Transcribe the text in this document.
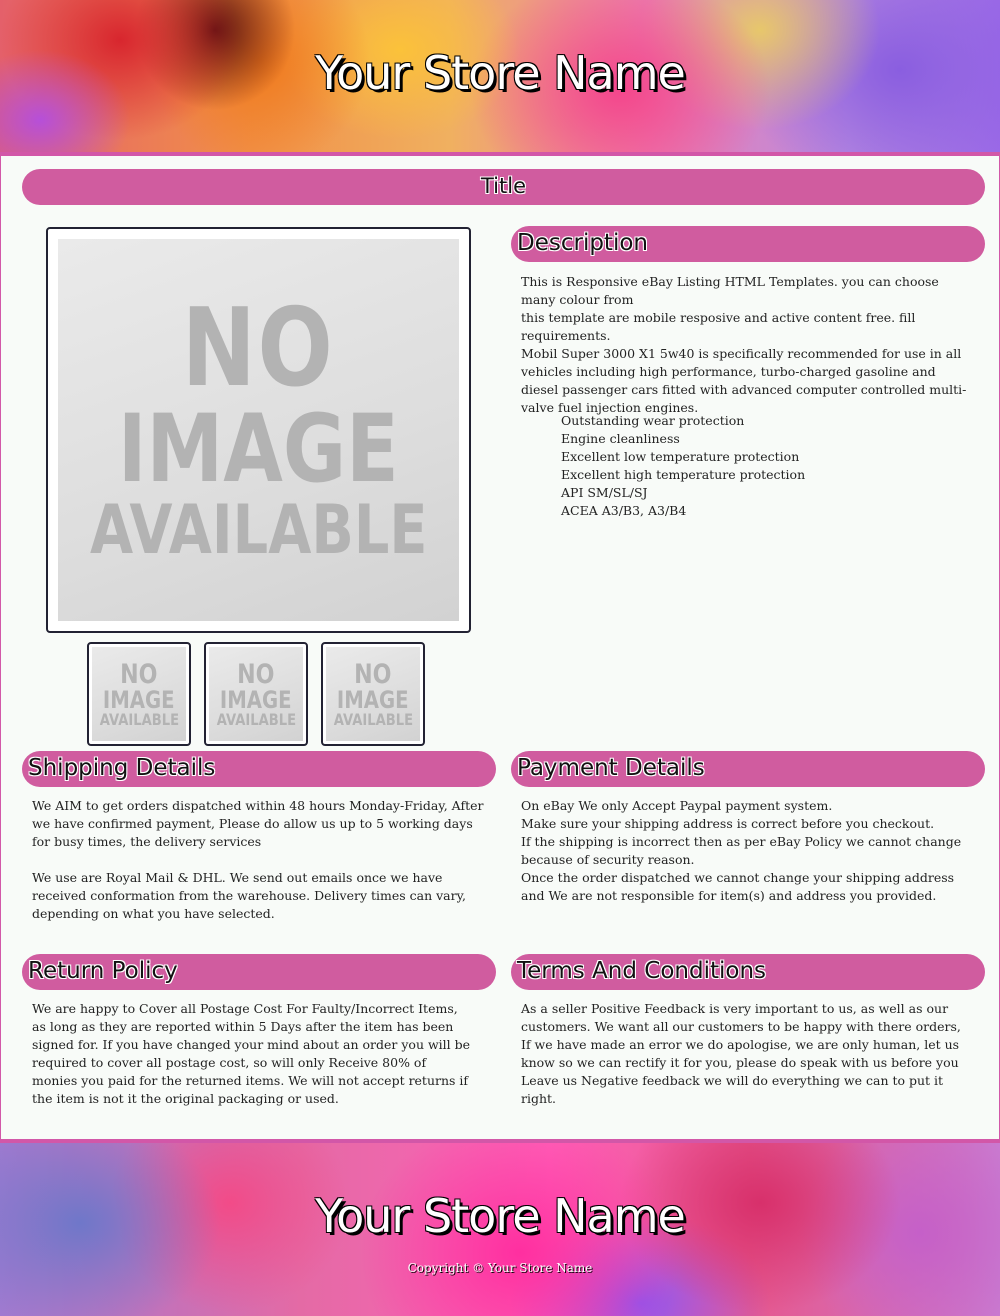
Your Store Name
Title
NO
IMAGE
AVAILABLE
NO
IMAGE
AVAILABLE
NO
IMAGE
AVAILABLE
NO
IMAGE
AVAILABLE
Description

This is Responsive eBay Listing HTML Templates. you can choose many colour from

this template are mobile resposive and active content free. fill requirements.

Mobil Super 3000 X1 5w40 is specifically recommended for use in all vehicles including high performance, turbo-charged gasoline and diesel passenger cars fitted with advanced computer controlled multi-valve fuel injection engines.

Outstanding wear protection
Engine cleanliness
Excellent low temperature protection
Excellent high temperature protection
API SM/SL/SJ
ACEA A3/B3, A3/B4
Shipping Details

We AIM to get orders dispatched within 48 hours Monday-Friday, After we have confirmed payment, Please do allow us up to 5 working days for busy times, the delivery services

We use are Royal Mail & DHL. We send out emails once we have received conformation from the warehouse. Delivery times can vary, depending on what you have selected.

Payment Details

On eBay We only Accept Paypal payment system.

Make sure your shipping address is correct before you checkout.

If the shipping is incorrect then as per eBay Policy we cannot change because of security reason.

Once the order dispatched we cannot change your shipping address and We are not responsible for item(s) and address you provided.

Return Policy

We are happy to Cover all Postage Cost For Faulty/Incorrect Items, as long as they are reported within 5 Days after the item has been signed for. If you have changed your mind about an order you will be required to cover all postage cost, so will only Receive 80% of monies you paid for the returned items. We will not accept returns if the item is not it the original packaging or used.

Terms And Conditions

As a seller Positive Feedback is very important to us, as well as our customers. We want all our customers to be happy with there orders, If we have made an error we do apologise, we are only human, let us know so we can rectify it for you, please do speak with us before you Leave us Negative feedback we will do everything we can to put it right.

Your Store Name
Copyright © Your Store Name
